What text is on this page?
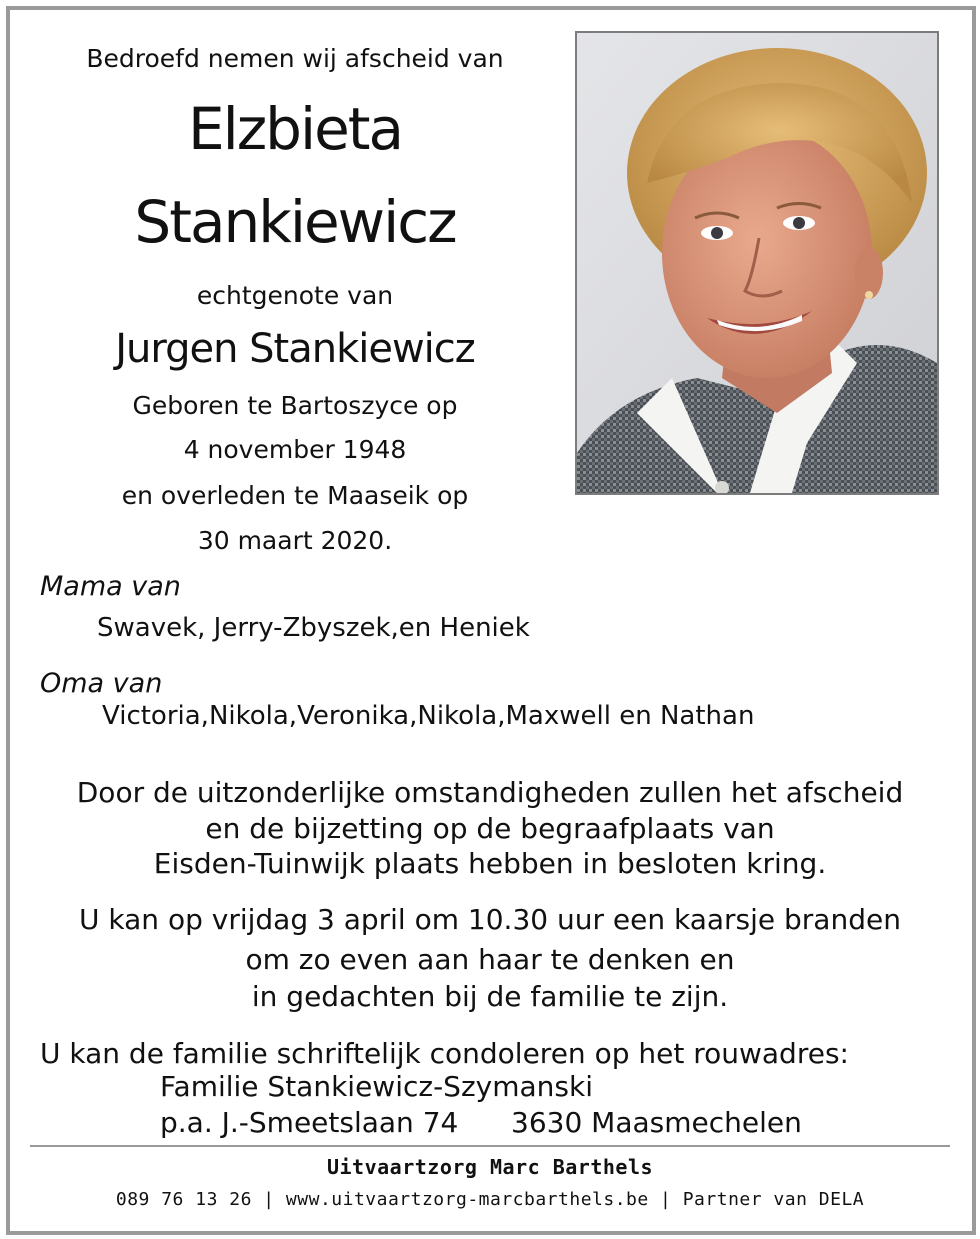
Bedroefd nemen wij afscheid van
Elzbieta
Stankiewicz
echtgenote van
Jurgen Stankiewicz
Geboren te Bartoszyce op
4 november 1948
en overleden te Maaseik op
30 maart 2020.
Mama van
Swavek, Jerry-Zbyszek,en Heniek
Oma van
Victoria,Nikola,Veronika,Nikola,Maxwell en Nathan
Door de uitzonderlijke omstandigheden zullen het afscheid
en de bijzetting op de begraafplaats van
Eisden-Tuinwijk plaats hebben in besloten kring.
U kan op vrijdag 3 april om 10.30 uur een kaarsje branden
om zo even aan haar te denken en
in gedachten bij de familie te zijn.
U kan de familie schriftelijk condoleren op het rouwadres:
Familie Stankiewicz-Szymanski
p.a. J.-Smeetslaan 74 3630 Maasmechelen
Uitvaartzorg Marc Barthels
089 76 13 26 | www.uitvaartzorg-marcbarthels.be | Partner van DELA
